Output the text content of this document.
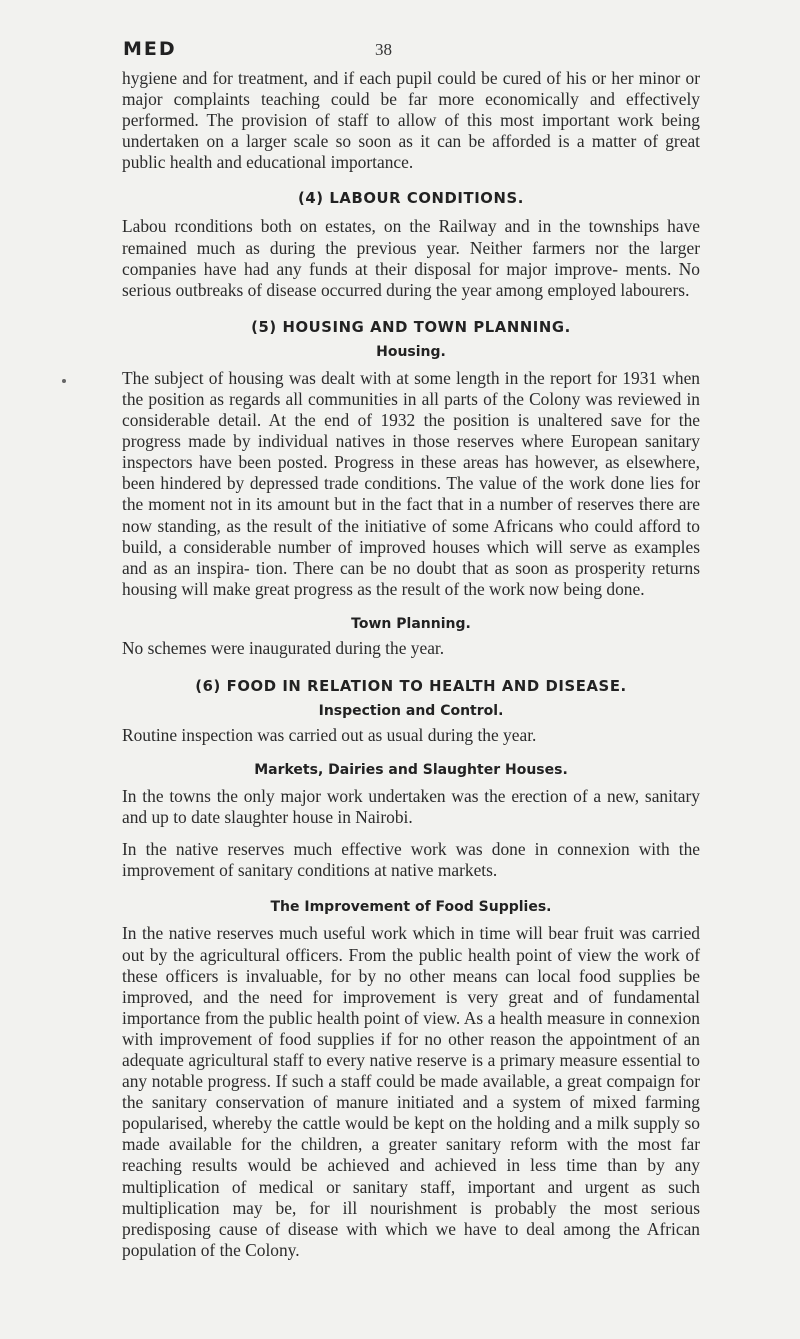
MED	38

hygiene and for treatment, and if each pupil could be cured of his or her minor or major complaints teaching could be far more economically and effectively performed. The provision of staff to allow of this most important work being undertaken on a larger scale so soon as it can be afforded is a matter of great public health and educational importance.

(4) LABOUR CONDITIONS.

Labou rconditions both on estates, on the Railway and in the townships have remained much as during the previous year. Neither farmers nor the larger companies have had any funds at their disposal for major improve- ments. No serious outbreaks of disease occurred during the year among employed labourers.

(5) HOUSING AND TOWN PLANNING.
Housing.

The subject of housing was dealt with at some length in the report for 1931 when the position as regards all communities in all parts of the Colony was reviewed in considerable detail. At the end of 1932 the position is unaltered save for the progress made by individual natives in those reserves where European sanitary inspectors have been posted. Progress in these areas has however, as elsewhere, been hindered by depressed trade conditions. The value of the work done lies for the moment not in its amount but in the fact that in a number of reserves there are now standing, as the result of the initiative of some Africans who could afford to build, a considerable number of improved houses which will serve as examples and as an inspira- tion. There can be no doubt that as soon as prosperity returns housing will make great progress as the result of the work now being done.

Town Planning.

No schemes were inaugurated during the year.

(6) FOOD IN RELATION TO HEALTH AND DISEASE.
Inspection and Control.

Routine inspection was carried out as usual during the year.

Markets, Dairies and Slaughter Houses.

In the towns the only major work undertaken was the erection of a new, sanitary and up to date slaughter house in Nairobi.

In the native reserves much effective work was done in connexion with the improvement of sanitary conditions at native markets.

The Improvement of Food Supplies.

In the native reserves much useful work which in time will bear fruit was carried out by the agricultural officers. From the public health point of view the work of these officers is invaluable, for by no other means can local food supplies be improved, and the need for improvement is very great and of fundamental importance from the public health point of view. As a health measure in connexion with improvement of food supplies if for no other reason the appointment of an adequate agricultural staff to every native reserve is a primary measure essential to any notable progress. If such a staff could be made available, a great compaign for the sanitary conservation of manure initiated and a system of mixed farming popularised, whereby the cattle would be kept on the holding and a milk supply so made available for the children, a greater sanitary reform with the most far reaching results would be achieved and achieved in less time than by any multiplication of medical or sanitary staff, important and urgent as such multiplication may be, for ill nourishment is probably the most serious predisposing cause of disease with which we have to deal among the African population of the Colony.
